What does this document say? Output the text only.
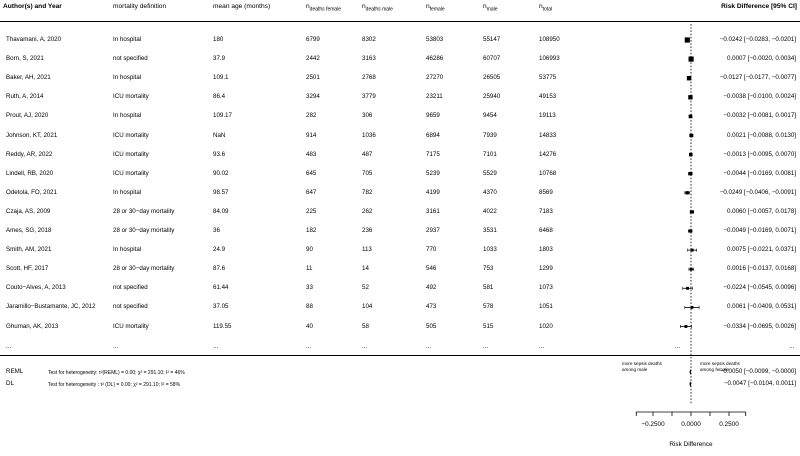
Author(s) and Year	mortality definition	mean age (months)	$n_{deaths female}$	$n_{deaths male}$	$n_{female}$	$n_{male}$	$n_{total}$	Risk Difference [95% CI]
Thavamani, A, 2020	In hospital	180	6799	8302	53803	55147	108950	−0.0242 [−0.0283, −0.0201]
Born, S, 2021	not specified	37.9	2442	3163	46286	60707	106993	0.0007 [−0.0020, 0.0034]
Baker, AH, 2021	In hospital	109.1	2501	2768	27270	26505	53775	−0.0127 [−0.0177, −0.0077]
Ruth, A, 2014	ICU mortality	86.4	3294	3779	23211	25940	49153	−0.0038 [−0.0100, 0.0024]
Prout, AJ, 2020	In hospital	109.17	282	306	9659	9454	19113	−0.0032 [−0.0081, 0.0017]
Johnson, KT, 2021	ICU mortality	NaN	914	1036	6894	7939	14833	0.0021 [−0.0088, 0.0130]
Reddy, AR, 2022	ICU mortality	93.6	483	487	7175	7101	14276	−0.0013 [−0.0095, 0.0070]
Lindell, RB, 2020	ICU mortality	90.02	645	705	5239	5529	10768	−0.0044 [−0.0169, 0.0081]
Odetola, FO, 2021	In hospital	98.57	647	782	4199	4370	8569	−0.0249 [−0.0406, −0.0091]
Czaja, AS, 2009	28 or 30−day mortality	84.09	225	262	3161	4022	7183	0.0060 [−0.0057, 0.0178]
Ames, SG, 2018	28 or 30−day mortality	36	182	236	2937	3531	6468	−0.0049 [−0.0169, 0.0071]
Smith, AM, 2021	In hospital	24.9	90	113	770	1033	1803	0.0075 [−0.0221, 0.0371]
Scott, HF, 2017	28 or 30−day mortality	87.6	11	14	546	753	1299	0.0016 [−0.0137, 0.0168]
Couto−Alves, A, 2013	not specified	61.44	33	52	492	581	1073	−0.0224 [−0.0545, 0.0096]
Jaramillo−Bustamante, JC, 2012	not specified	37.05	88	104	473	578	1051	0.0061 [−0.0409, 0.0531]
Ghuman, AK, 2013	ICU mortality	119.55	40	58	505	515	1020	−0.0334 [−0.0695, 0.0026]
...	...	...	...	...	...	...	...	...	...
more sepsis deaths
among male
more sepsis deaths
among female
REML	Test for heterogeneity: τ²(REML) = 0.00; χ² = 291.10; I² = 46%	−0.0050 [−0.0099, −0.0000]
DL	Test for heterogeneity : τ² (DL) = 0.00; χ² = 291.10; I² = 58%	−0.0047 [−0.0104, 0.0011]
−0.2500	0.0000	0.2500
Risk Difference
